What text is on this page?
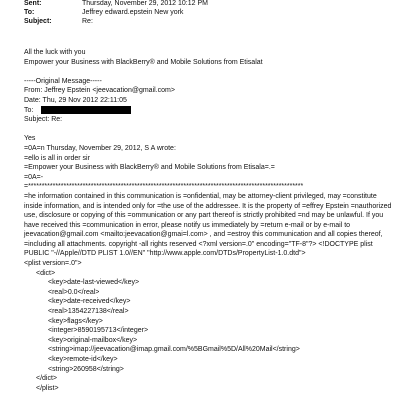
Sent:	Thursday, November 29, 2012 10:12 PM
To:	Jeffrey edward.epstein New york
Subject:	Re:
All the luck with you
Empower your Business with BlackBerry® and Mobile Solutions from Etisalat
-----Original Message-----
From: Jeffrey Epstein <jeevacation@gmail.com>
Date: Thu, 29 Nov 2012 22:11:05
To:
Subject: Re:
Yes
=0A=n Thursday, November 29, 2012, S A wrote:
=ello is all in order sir
=Empower your Business with BlackBerry® and Mobile Solutions from Etisala=.=
=0A=-
=*****************************************************************************************************
=he information contained in this communication is =onfidential, may be attorney-client privileged, may =constitute inside information, and is intended only for =the use of the addressee. It is the property of =effrey Epstein =nauthorized use, disclosure or copying of this =ommunication or any part thereof is strictly prohibited =nd may be unlawful. If you have received this =communication in error, please notify us immediately by =return e-mail or by e-mail to jeevacation@gmail.com <mailto:jeevacation@gmai=l.com> , and =estroy this communication and all copies thereof, =including all attachments. copyright -all rights reserved <?xml version=.0" encoding="TF-8"?> <!DOCTYPE plist PUBLIC "-//Apple//DTD PLIST 1.0//EN" "http://www.apple.com/DTDs/PropertyList-1.0.dtd">
<plist version=.0">
<dict>
<key>date-last-viewed</key>
<real>0.0</real>
<key>date-received</key>
<real>1354227138</real>
<key>flags</key>
<integer>8590195713</integer>
<key>original-mailbox</key>
<string>imap://jeevacation@imap.gmail.com/%5BGmail%5D/All%20Mail</string>
<key>remote-id</key>
<string>260958</string>
</dict>
</plist>
